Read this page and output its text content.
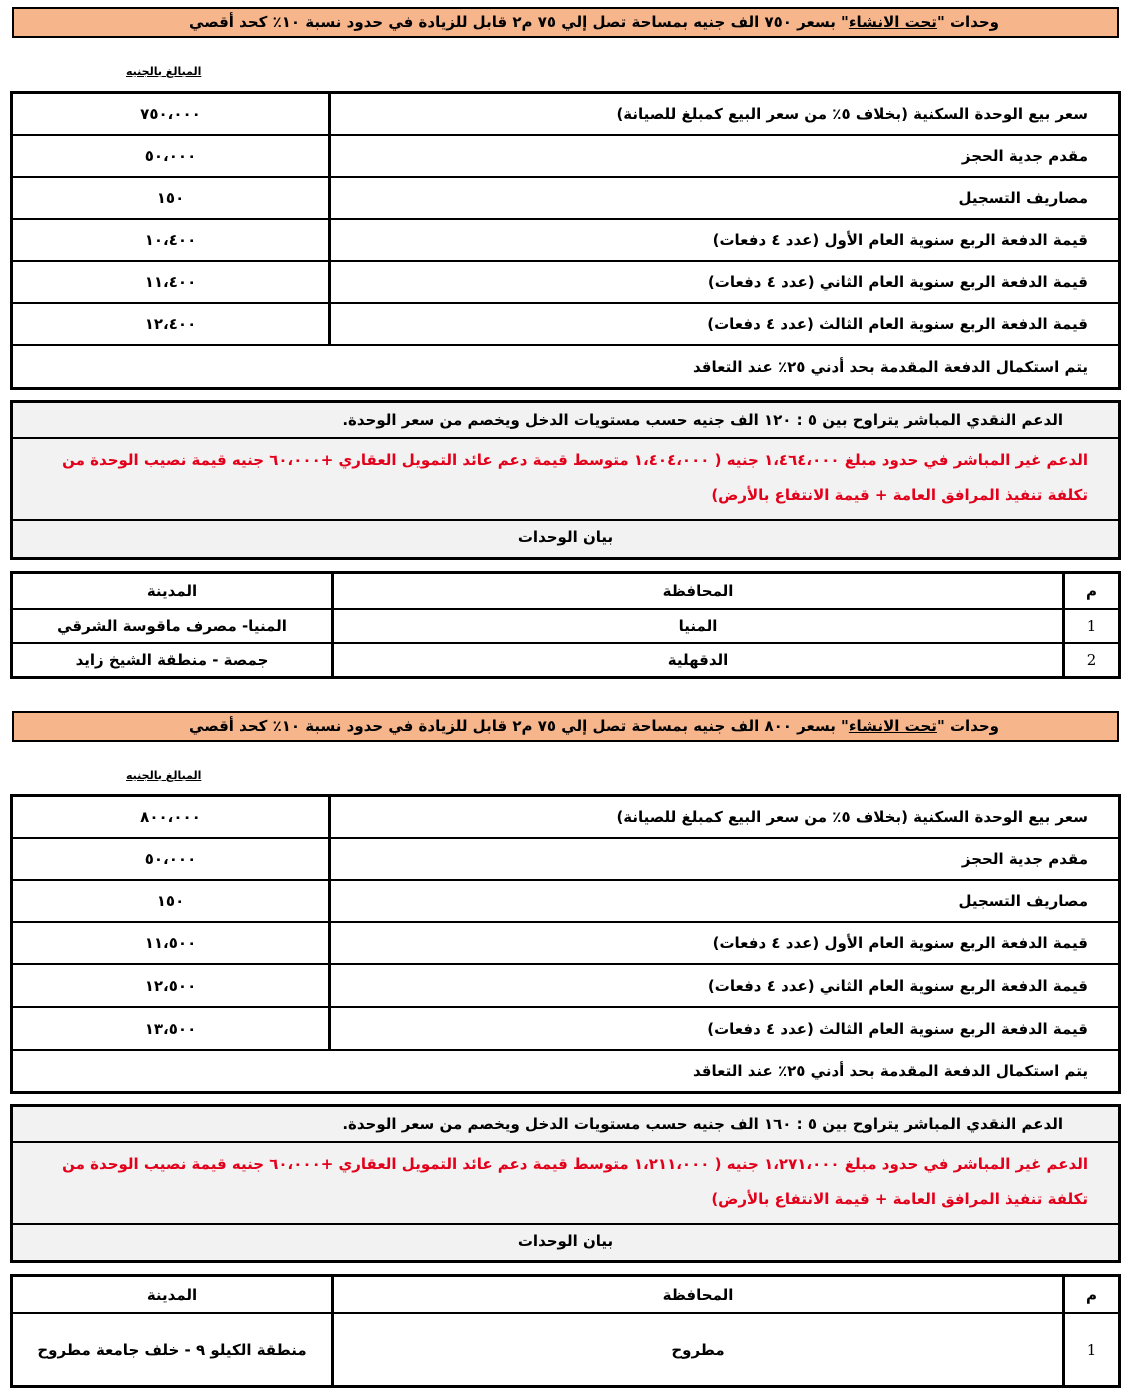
وحدات "تحت الانشاء" بسعر ٧٥٠ الف جنيه بمساحة تصل إلي ٧٥ م٢ قابل للزيادة في حدود نسبة ١٠٪ كحد أقصي
المبالغ بالجنيه
٧٥٠،٠٠٠	سعر بيع الوحدة السكنية (بخلاف ٥٪ من سعر البيع كمبلغ للصيانة)
٥٠،٠٠٠	مقدم جدية الحجز
١٥٠	مصاريف التسجيل
١٠،٤٠٠	قيمة الدفعة الربع سنوية العام الأول (عدد ٤ دفعات)
١١،٤٠٠	قيمة الدفعة الربع سنوية العام الثاني (عدد ٤ دفعات)
١٢،٤٠٠	قيمة الدفعة الربع سنوية العام الثالث (عدد ٤ دفعات)
يتم استكمال الدفعة المقدمة بحد أدني ٢٥٪ عند التعاقد
الدعم النقدي المباشر يتراوح بين ٥ : ١٢٠ الف جنيه حسب مستويات الدخل ويخصم من سعر الوحدة.
الدعم غير المباشر في حدود مبلغ ١،٤٦٤،٠٠٠ جنيه ( ١،٤٠٤،٠٠٠ متوسط قيمة دعم عائد التمويل العقاري +٦٠،٠٠٠ جنيه قيمة نصيب الوحدة من تكلفة تنفيذ المرافق العامة + قيمة الانتفاع بالأرض)
بيان الوحدات
المدينة	المحافظة	م
المنيا- مصرف ماقوسة الشرقي	المنيا	1
جمصة - منطقة الشيخ زايد	الدقهلية	2
وحدات "تحت الانشاء" بسعر ٨٠٠ الف جنيه بمساحة تصل إلي ٧٥ م٢ قابل للزيادة في حدود نسبة ١٠٪ كحد أقصي
المبالغ بالجنيه
٨٠٠،٠٠٠	سعر بيع الوحدة السكنية (بخلاف ٥٪ من سعر البيع كمبلغ للصيانة)
٥٠،٠٠٠	مقدم جدية الحجز
١٥٠	مصاريف التسجيل
١١،٥٠٠	قيمة الدفعة الربع سنوية العام الأول (عدد ٤ دفعات)
١٢،٥٠٠	قيمة الدفعة الربع سنوية العام الثاني (عدد ٤ دفعات)
١٣،٥٠٠	قيمة الدفعة الربع سنوية العام الثالث (عدد ٤ دفعات)
يتم استكمال الدفعة المقدمة بحد أدني ٢٥٪ عند التعاقد
الدعم النقدي المباشر يتراوح بين ٥ : ١٦٠ الف جنيه حسب مستويات الدخل ويخصم من سعر الوحدة.
الدعم غير المباشر في حدود مبلغ ١،٢٧١،٠٠٠ جنيه ( ١،٢١١،٠٠٠ متوسط قيمة دعم عائد التمويل العقاري +٦٠،٠٠٠ جنيه قيمة نصيب الوحدة من تكلفة تنفيذ المرافق العامة + قيمة الانتفاع بالأرض)
بيان الوحدات
المدينة	المحافظة	م
منطقة الكيلو ٩ - خلف جامعة مطروح	مطروح	1
